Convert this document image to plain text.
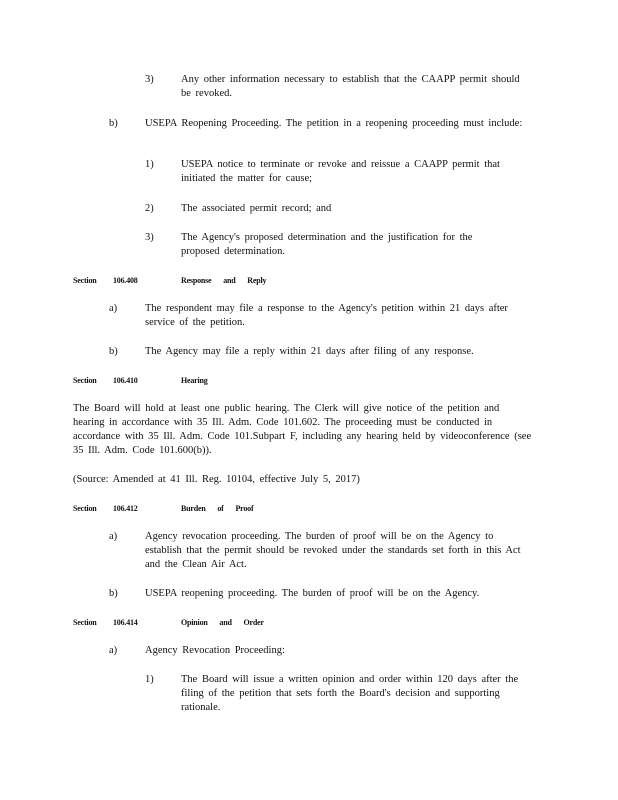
3)	Any other information necessary to establish that the CAAPP permit should be revoked.
b)	USEPA Reopening Proceeding. The petition in a reopening proceeding must include:
1)	USEPA notice to terminate or revoke and reissue a CAAPP permit that initiated the matter for cause;
2)	The associated permit record; and
3)	The Agency's proposed determination and the justification for the proposed determination.
Section 106.408	Response and Reply
a)	The respondent may file a response to the Agency's petition within 21 days after service of the petition.
b)	The Agency may file a reply within 21 days after filing of any response.
Section 106.410	Hearing
The Board will hold at least one public hearing. The Clerk will give notice of the petition and hearing in accordance with 35 Ill. Adm. Code 101.602. The proceeding must be conducted in accordance with 35 Ill. Adm. Code 101.Subpart F, including any hearing held by videoconference (see 35 Ill. Adm. Code 101.600(b)).
(Source: Amended at 41 Ill. Reg. 10104, effective July 5, 2017)
Section 106.412	Burden of Proof
a)	Agency revocation proceeding. The burden of proof will be on the Agency to establish that the permit should be revoked under the standards set forth in this Act and the Clean Air Act.
b)	USEPA reopening proceeding. The burden of proof will be on the Agency.
Section 106.414	Opinion and Order
a)	Agency Revocation Proceeding:
1)	The Board will issue a written opinion and order within 120 days after the filing of the petition that sets forth the Board's decision and supporting rationale.
